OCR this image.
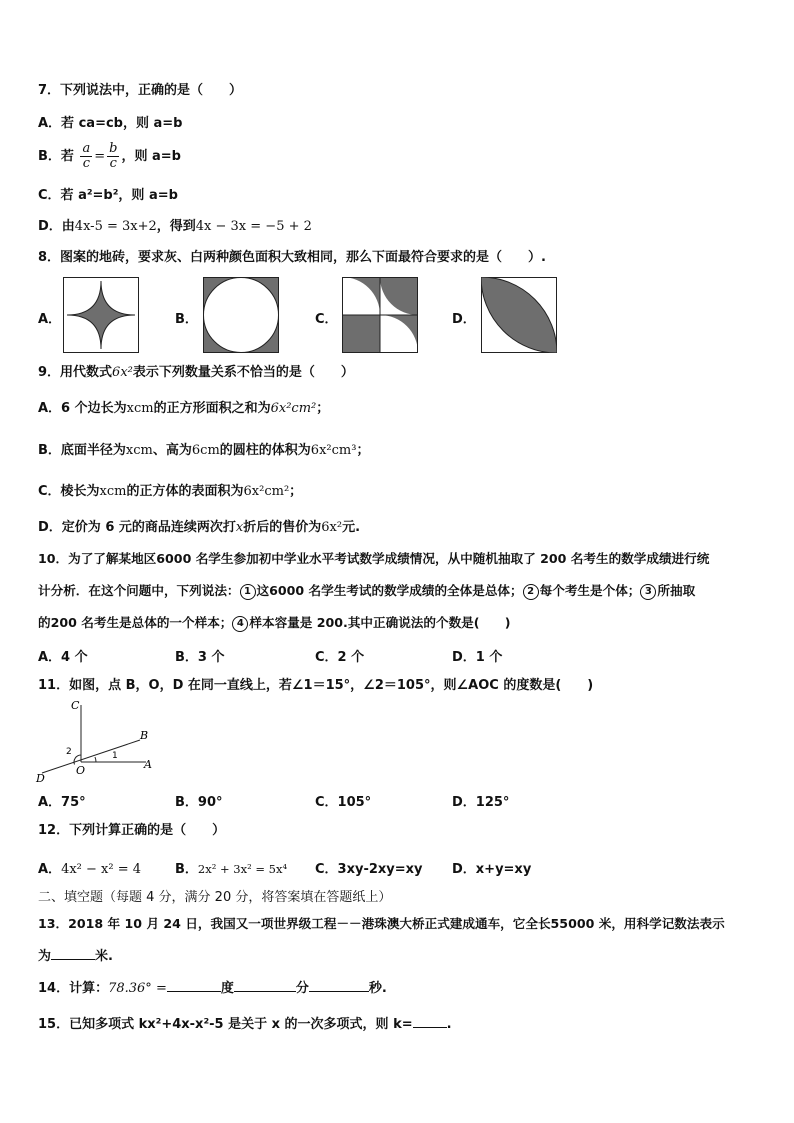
7．下列说法中，正确的是（　　）
A．若 ca=cb，则 a=b
B．若 $\frac{a}{c} = \frac{b}{c}$ ，则 a=b
C．若 a²=b²，则 a=b
D．由4x-5 = 3x+2，得到4x − 3x = −5 + 2
8．图案的地砖，要求灰、白两种颜色面积大致相同，那么下面最符合要求的是（　　）.
A．	B．	C．	D．
9．用代数式6x²表示下列数量关系不恰当的是（　　）
A．6 个边长为xcm的正方形面积之和为6x²cm²；
B．底面半径为xcm、高为6cm的圆柱的体积为6x²cm³；
C．棱长为xcm的正方体的表面积为6x²cm²；
D．定价为 6 元的商品连续两次打x折后的售价为6x²元.
10．为了了解某地区6000 名学生参加初中学业水平考试数学成绩情况，从中随机抽取了 200 名考生的数学成绩进行统
计分析．在这个问题中，下列说法： 1 这6000 名学生考试的数学成绩的全体是总体； 2 每个考生是个体； 3 所抽取
的200 名考生是总体的一个样本； 4 样本容量是 200.其中正确说法的个数是(　　)
A．4 个	B．3 个	C．2 个	D．1 个
11．如图，点 B，O，D 在同一直线上，若∠1＝15°，∠2＝105°，则∠AOC 的度数是(　　)
C
B
A
D
O
1
2
A．75°	B．90°	C．105°	D．125°
12．下列计算正确的是（　　）
A．4x² − x² = 4	B．2x² + 3x² = 5x⁴ C．3xy-2xy=xy D．x+y=xy
二、填空题（每题 4 分，满分 20 分，将答案填在答题纸上）
13．2018 年 10 月 24 日，我国又一项世界级工程－－港珠澳大桥正式建成通车，它全长55000 米，用科学记数法表示
为	米.
14．计算：78.36° =	度	分	秒.
15．已知多项式 kx²+4x-x²-5 是关于 x 的一次多项式，则 k=	.
